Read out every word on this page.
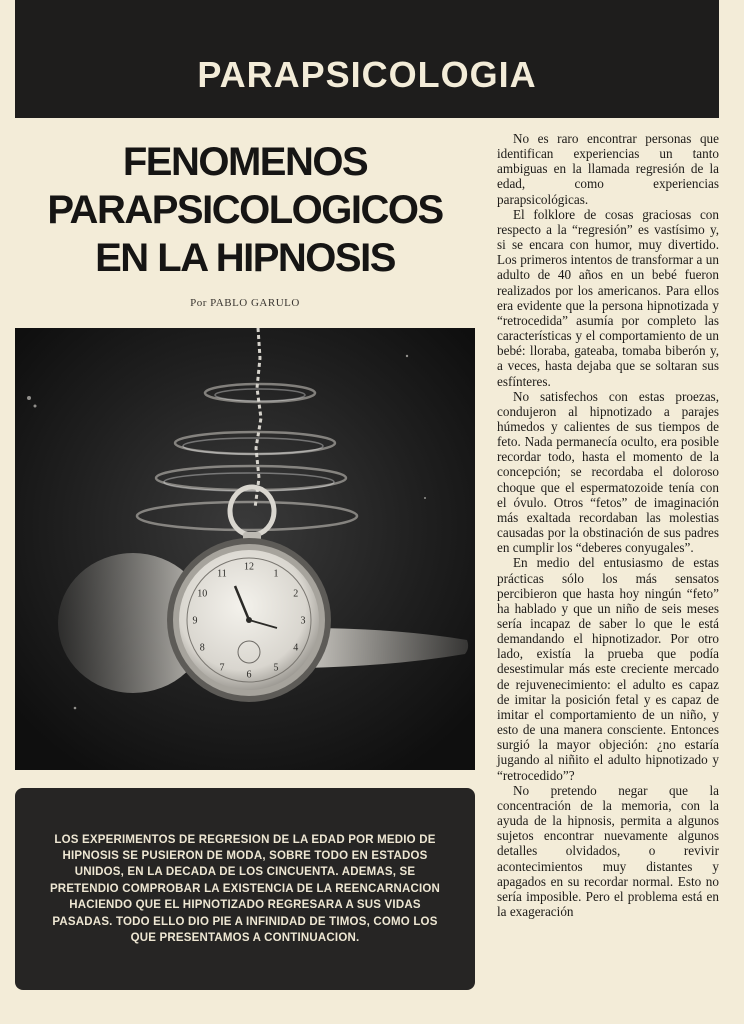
PARAPSICOLOGIA
FENOMENOS
PARAPSICOLOGICOS
EN LA HIPNOSIS
Por PABLO GARULO
12
1
2
3
4
5
6
7
8
9
10
11

LOS EXPERIMENTOS DE REGRESION DE LA EDAD POR MEDIO DE HIPNOSIS SE PUSIERON DE MODA, SOBRE TODO EN ESTADOS UNIDOS, EN LA DECADA DE LOS CINCUENTA. ADEMAS, SE PRETENDIO COMPROBAR LA EXISTENCIA DE LA REENCARNACION HACIENDO QUE EL HIPNOTIZADO REGRESARA A SUS VIDAS PASADAS. TODO ELLO DIO PIE A INFINIDAD DE TIMOS, COMO LOS QUE PRESENTAMOS A CONTINUACION.

No es raro encontrar personas que identifican experiencias un tanto ambiguas en la llamada regresión de la edad, como experiencias parapsicológicas.

El folklore de cosas graciosas con respecto a la “regresión” es vastísimo y, si se encara con humor, muy divertido. Los primeros intentos de transformar a un adulto de 40 años en un bebé fueron realizados por los americanos. Para ellos era evidente que la persona hipnotizada y “retrocedida” asumía por completo las características y el comportamiento de un bebé: lloraba, gateaba, tomaba biberón y, a veces, hasta dejaba que se soltaran sus esfínteres.

No satisfechos con estas proezas, condujeron al hipnotizado a parajes húmedos y calientes de sus tiempos de feto. Nada permanecía oculto, era posible recordar todo, hasta el momento de la concepción; se recordaba el doloroso choque que el espermatozoide tenía con el óvulo. Otros “fetos” de imaginación más exaltada recordaban las molestias causadas por la obstinación de sus padres en cumplir los “deberes conyugales”.

En medio del entusiasmo de estas prácticas sólo los más sensatos percibieron que hasta hoy ningún “feto” ha hablado y que un niño de seis meses sería incapaz de saber lo que le está demandando el hipnotizador. Por otro lado, existía la prueba que podía desestimular más este creciente mercado de rejuvenecimiento: el adulto es capaz de imitar la posición fetal y es capaz de imitar el comportamiento de un niño, y esto de una manera consciente. Entonces surgió la mayor objeción: ¿no estaría jugando al niñito el adulto hipnotizado y “retrocedido”?

No pretendo negar que la concentración de la memoria, con la ayuda de la hipnosis, permita a algunos sujetos encontrar nuevamente algunos detalles olvidados, o revivir acontecimientos muy distantes y apagados en su recordar normal. Esto no sería imposible. Pero el problema está en la exageración
